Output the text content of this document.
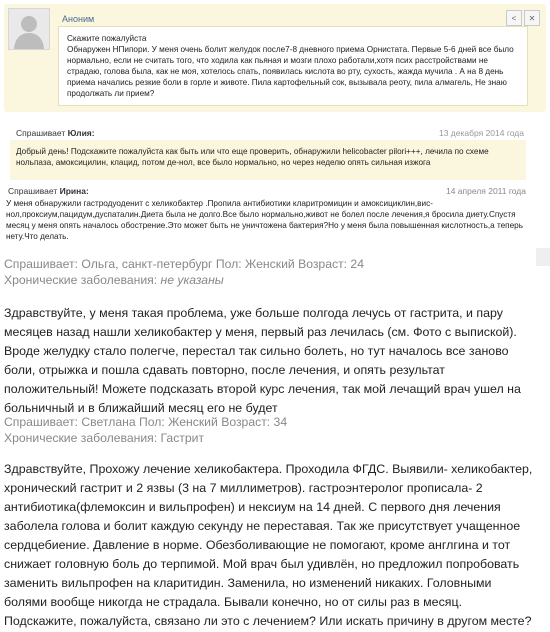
Аноним	<	✕
Скажите пожалуйста
Обнаружен НПипори. У меня очень болит желудок после7-8 дневного приема Орнистата. Первые 5-6 дней все было нормально, если не считать того, что ходила как пьяная и мозги плохо работали,хотя псих расстройствами не страдаю, голова была, как не моя, хотелось спать, появилась кислота во рту, сухость, жажда мучила . А на 8 день приема начались резкие боли в горле и животе. Пила картофельный сок, вызывала реоту, пила алмагель, Не знаю продолжать ли прием?
Спрашивает Юлия:	13 декабря 2014 года
Добрый день! Подскажите пожалуйста как быть или что еще проверить, обнаружили helicobacter pilori+++, лечила по схеме нольпаза, амоксицилин, клацид, потом де-нол, все было нормально, но через неделю опять сильная изжога
Спрашивает Ирина:	14 апреля 2011 года
У меня обнаружили гастродуоденит с хеликобактер .Пропила антибиотики кларитромицин и амоксициклин,вис-нол,проксиум,пацидум,дуспаталин.Диета была не долго.Все было нормально,живот не болел после лечения,я бросила диету.Спустя месяц у меня опять началось обострение.Это может быть не уничтожена бактерия?Но у меня была повышенная кислотность,а теперь нету.Что делать.
Спрашивает: Ольга, санкт-петербург Пол: Женский Возраст: 24
Хронические заболевания: не указаны
Здравствуйте, у меня такая проблема, уже больше полгода лечусь от гастрита, и пару месяцев назад нашли хеликобактер у меня, первый раз лечилась (см. Фото с выпиской). Вроде желудку стало полегче, перестал так сильно болеть, но тут началось все заново боли, отрыжка и пошла сдавать повторно, после лечения, и опять результат положительный! Можете подсказать второй курс лечения, так мой лечащий врач ушел на больничный и в ближайший месяц его не будет
Спрашивает: Светлана Пол: Женский Возраст: 34
Хронические заболевания: Гастрит
Здравствуйте, Прохожу лечение хеликобактера. Проходила ФГДС. Выявили- хеликобактер, хронический гастрит и 2 язвы (3 на 7 миллиметров). гастроэнтеролог прописала- 2 антибиотика(флемоксин и вильпрофен) и нексиум на 14 дней. С первого дня лечения заболела голова и болит каждую секунду не переставая. Так же присутствует учащенное сердцебиение. Давление в норме. Обезболивающие не помогают, кроме англгина и тот снижает головную боль до терпимой. Мой врач был удивлён, но предложил попробовать заменить вильпрофен на кларитидин. Заменила, но изменений никаких. Головными болями вообще никогда не страдала. Бывали конечно, но от силы раз в месяц. Подскажите, пожалуйста, связано ли это с лечением? Или искать причину в другом месте?
